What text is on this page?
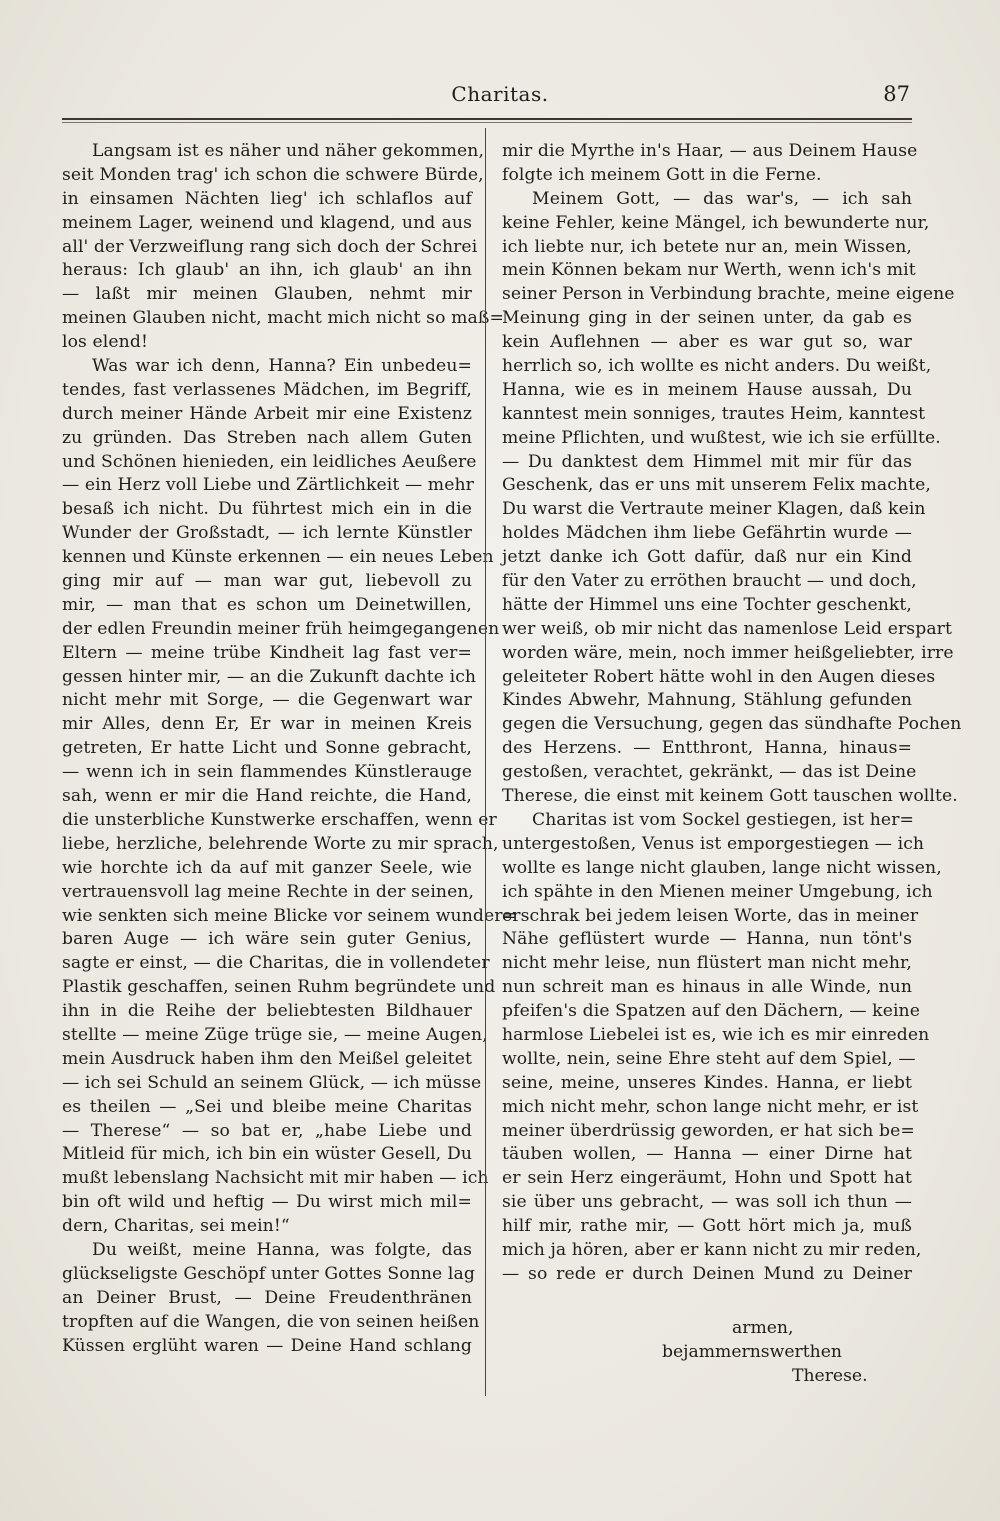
Charitas.	87
Langsam ist es näher und näher gekommen,
seit Monden trag' ich schon die schwere Bürde,
in einsamen Nächten lieg' ich schlaflos auf
meinem Lager, weinend und klagend, und aus
all' der Verzweiflung rang sich doch der Schrei
heraus: Ich glaub' an ihn, ich glaub' an ihn
— laßt mir meinen Glauben, nehmt mir
meinen Glauben nicht, macht mich nicht so maß=
los elend!
Was war ich denn, Hanna? Ein unbedeu=
tendes, fast verlassenes Mädchen, im Begriff,
durch meiner Hände Arbeit mir eine Existenz
zu gründen. Das Streben nach allem Guten
und Schönen hienieden, ein leidliches Aeußere
— ein Herz voll Liebe und Zärtlichkeit — mehr
besaß ich nicht. Du führtest mich ein in die
Wunder der Großstadt, — ich lernte Künstler
kennen und Künste erkennen — ein neues Leben
ging mir auf — man war gut, liebevoll zu
mir, — man that es schon um Deinetwillen,
der edlen Freundin meiner früh heimgegangenen
Eltern — meine trübe Kindheit lag fast ver=
gessen hinter mir, — an die Zukunft dachte ich
nicht mehr mit Sorge, — die Gegenwart war
mir Alles, denn Er, Er war in meinen Kreis
getreten, Er hatte Licht und Sonne gebracht,
— wenn ich in sein flammendes Künstlerauge
sah, wenn er mir die Hand reichte, die Hand,
die unsterbliche Kunstwerke erschaffen, wenn er
liebe, herzliche, belehrende Worte zu mir sprach,
wie horchte ich da auf mit ganzer Seele, wie
vertrauensvoll lag meine Rechte in der seinen,
wie senkten sich meine Blicke vor seinem wunder=
baren Auge — ich wäre sein guter Genius,
sagte er einst, — die Charitas, die in vollendeter
Plastik geschaffen, seinen Ruhm begründete und
ihn in die Reihe der beliebtesten Bildhauer
stellte — meine Züge trüge sie, — meine Augen,
mein Ausdruck haben ihm den Meißel geleitet
— ich sei Schuld an seinem Glück, — ich müsse
es theilen — „Sei und bleibe meine Charitas
— Therese“ — so bat er, „habe Liebe und
Mitleid für mich, ich bin ein wüster Gesell, Du
mußt lebenslang Nachsicht mit mir haben — ich
bin oft wild und heftig — Du wirst mich mil=
dern, Charitas, sei mein!“
Du weißt, meine Hanna, was folgte, das
glückseligste Geschöpf unter Gottes Sonne lag
an Deiner Brust, — Deine Freudenthränen
tropften auf die Wangen, die von seinen heißen
Küssen erglüht waren — Deine Hand schlang
mir die Myrthe in's Haar, — aus Deinem Hause
folgte ich meinem Gott in die Ferne.
Meinem Gott, — das war's, — ich sah
keine Fehler, keine Mängel, ich bewunderte nur,
ich liebte nur, ich betete nur an, mein Wissen,
mein Können bekam nur Werth, wenn ich's mit
seiner Person in Verbindung brachte, meine eigene
Meinung ging in der seinen unter, da gab es
kein Auflehnen — aber es war gut so, war
herrlich so, ich wollte es nicht anders. Du weißt,
Hanna, wie es in meinem Hause aussah, Du
kanntest mein sonniges, trautes Heim, kanntest
meine Pflichten, und wußtest, wie ich sie erfüllte.
— Du danktest dem Himmel mit mir für das
Geschenk, das er uns mit unserem Felix machte,
Du warst die Vertraute meiner Klagen, daß kein
holdes Mädchen ihm liebe Gefährtin wurde —
jetzt danke ich Gott dafür, daß nur ein Kind
für den Vater zu erröthen braucht — und doch,
hätte der Himmel uns eine Tochter geschenkt,
wer weiß, ob mir nicht das namenlose Leid erspart
worden wäre, mein, noch immer heißgeliebter, irre
geleiteter Robert hätte wohl in den Augen dieses
Kindes Abwehr, Mahnung, Stählung gefunden
gegen die Versuchung, gegen das sündhafte Pochen
des Herzens. — Entthront, Hanna, hinaus=
gestoßen, verachtet, gekränkt, — das ist Deine
Therese, die einst mit keinem Gott tauschen wollte.
Charitas ist vom Sockel gestiegen, ist her=
untergestoßen, Venus ist emporgestiegen — ich
wollte es lange nicht glauben, lange nicht wissen,
ich spähte in den Mienen meiner Umgebung, ich
erschrak bei jedem leisen Worte, das in meiner
Nähe geflüstert wurde — Hanna, nun tönt's
nicht mehr leise, nun flüstert man nicht mehr,
nun schreit man es hinaus in alle Winde, nun
pfeifen's die Spatzen auf den Dächern, — keine
harmlose Liebelei ist es, wie ich es mir einreden
wollte, nein, seine Ehre steht auf dem Spiel, —
seine, meine, unseres Kindes. Hanna, er liebt
mich nicht mehr, schon lange nicht mehr, er ist
meiner überdrüssig geworden, er hat sich be=
täuben wollen, — Hanna — einer Dirne hat
er sein Herz eingeräumt, Hohn und Spott hat
sie über uns gebracht, — was soll ich thun —
hilf mir, rathe mir, — Gott hört mich ja, muß
mich ja hören, aber er kann nicht zu mir reden,
— so rede er durch Deinen Mund zu Deiner
armen,
bejammernswerthen
Therese.
